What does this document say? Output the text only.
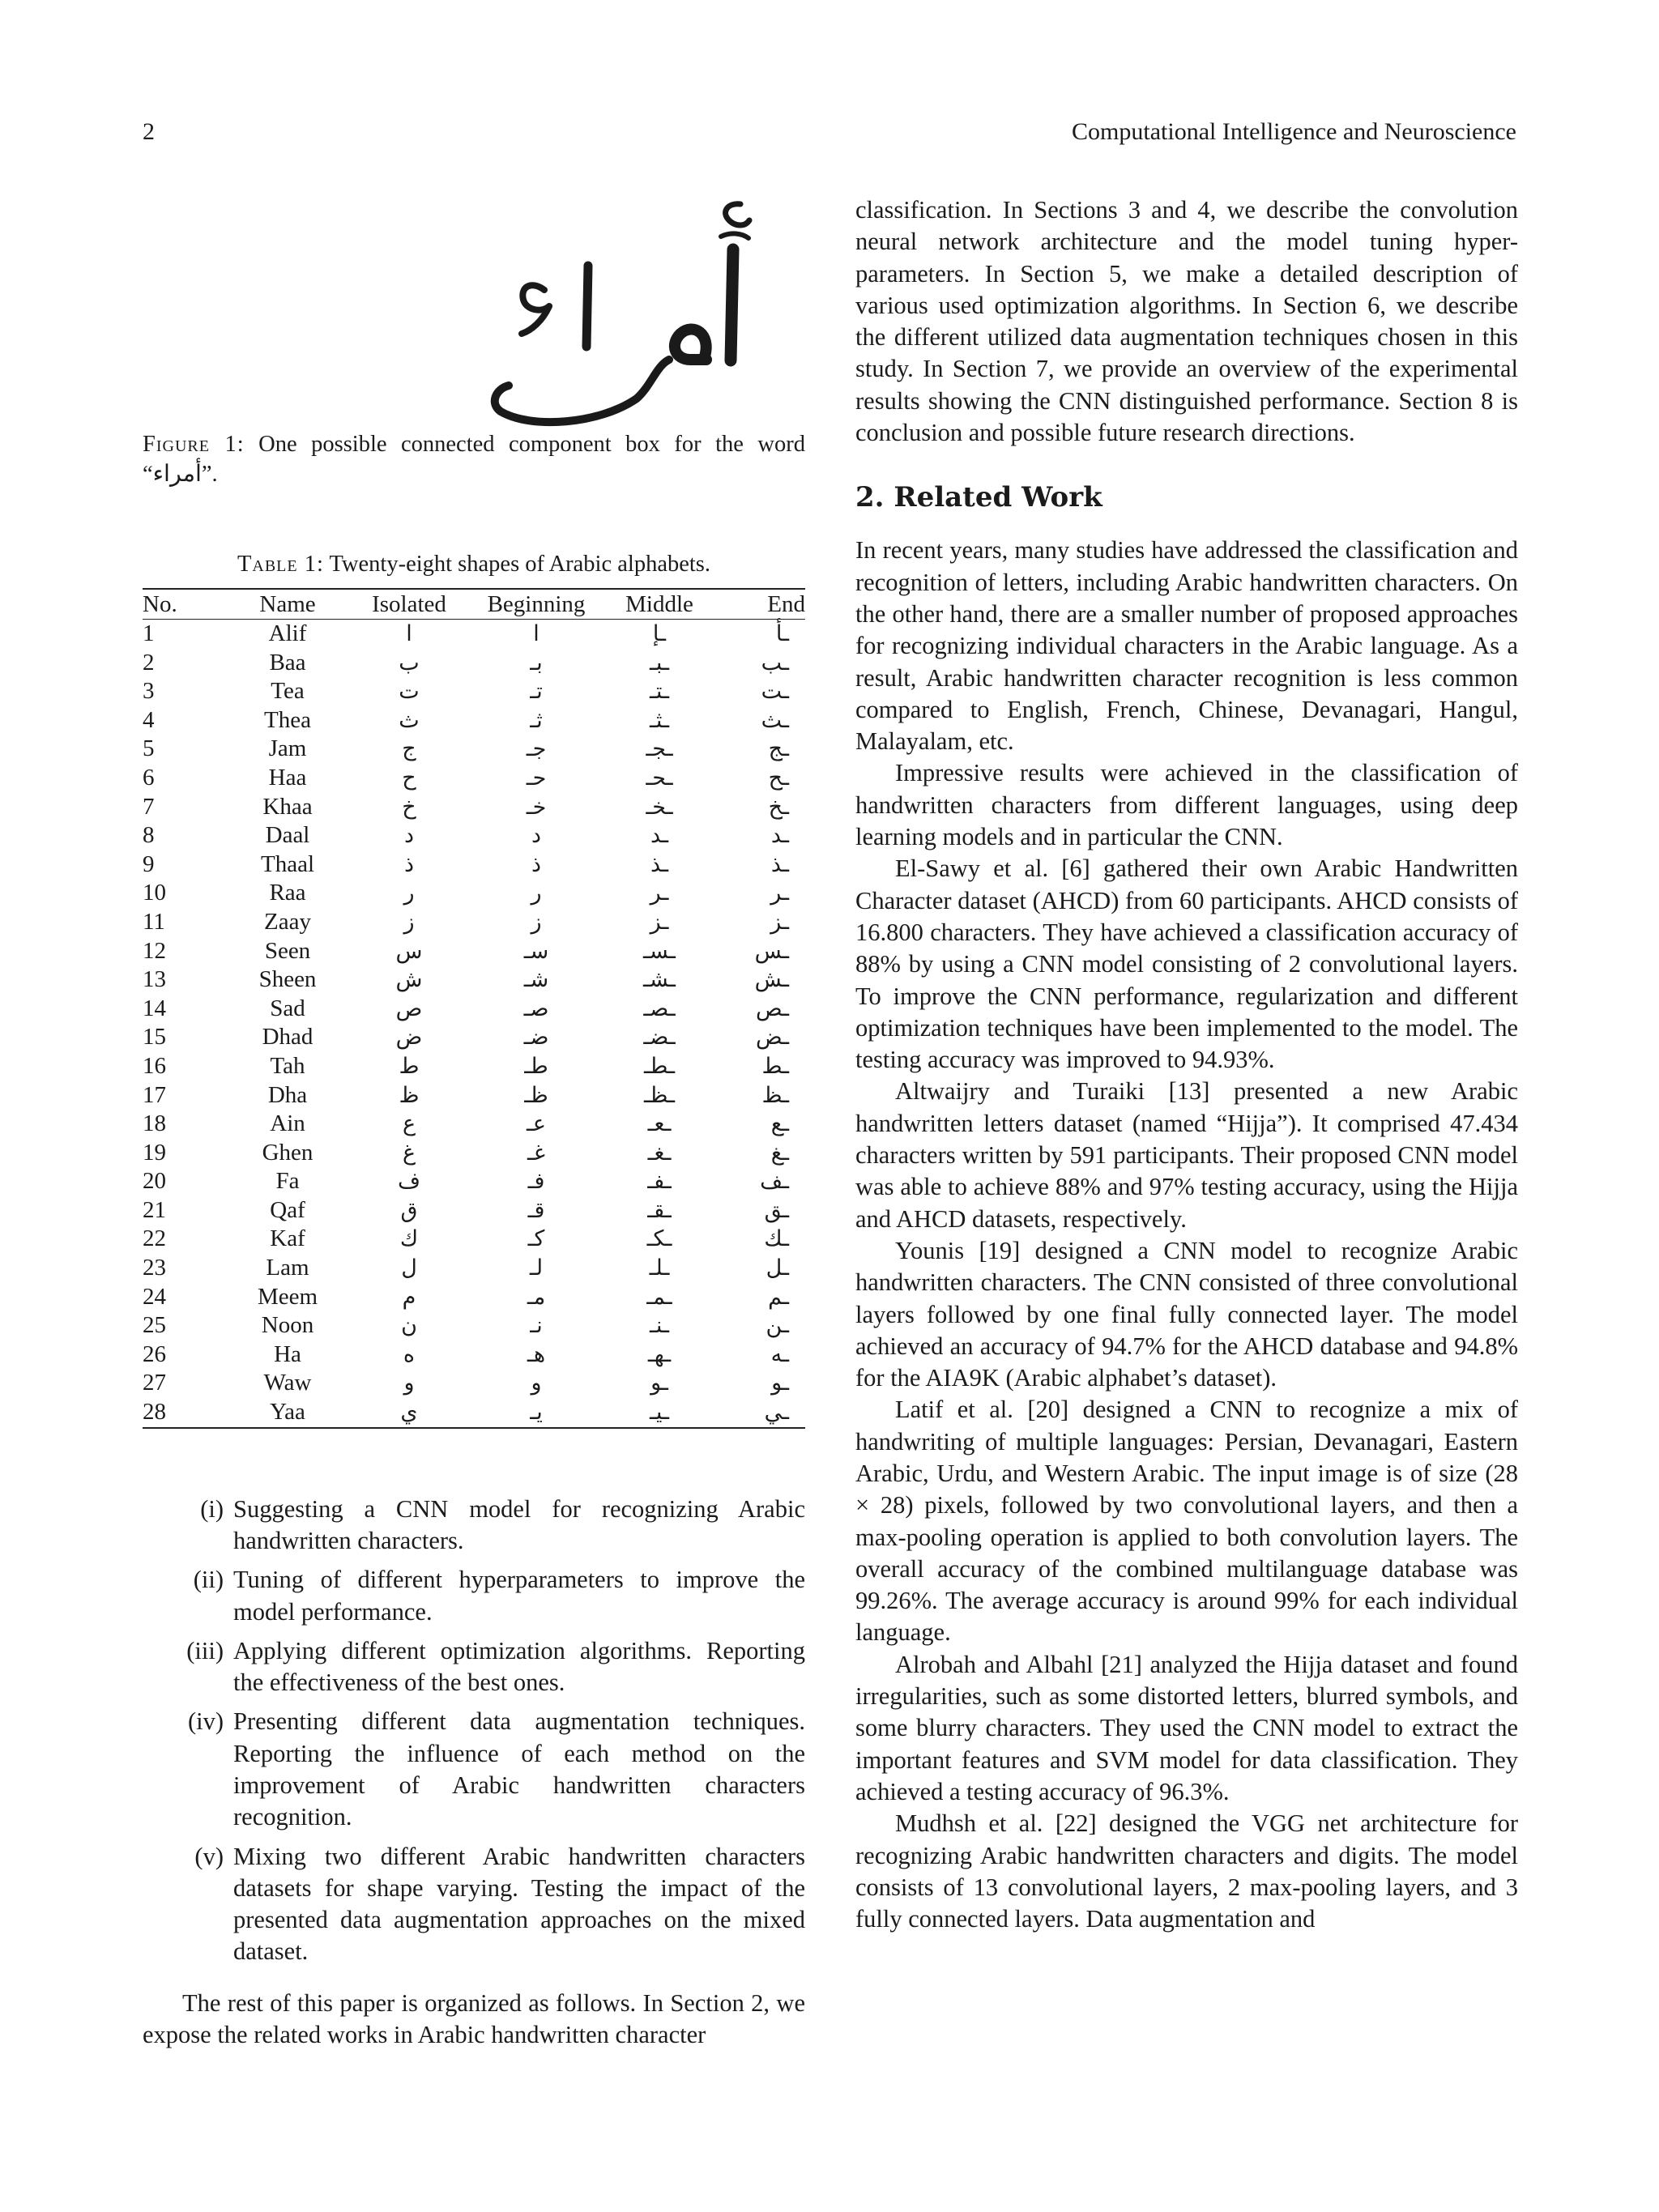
2	Computational Intelligence and Neuroscience
Figure 1: One possible connected component box for the word “أمراء”.
Table 1: Twenty-eight shapes of Arabic alphabets.
No.	Name	Isolated	Beginning	Middle	End
1	Alif	ا	ا	ـإ	ـأ
2	Baa	ب	بـ	ـبـ	ـب
3	Tea	ت	تـ	ـتـ	ـت
4	Thea	ث	ثـ	ـثـ	ـث
5	Jam	ج	جـ	ـجـ	ـج
6	Haa	ح	حـ	ـحـ	ـح
7	Khaa	خ	خـ	ـخـ	ـخ
8	Daal	د	د	ـد	ـد
9	Thaal	ذ	ذ	ـذ	ـذ
10	Raa	ر	ر	ـر	ـر
11	Zaay	ز	ز	ـز	ـز
12	Seen	س	سـ	ـسـ	ـس
13	Sheen	ش	شـ	ـشـ	ـش
14	Sad	ص	صـ	ـصـ	ـص
15	Dhad	ض	ضـ	ـضـ	ـض
16	Tah	ط	طـ	ـطـ	ـط
17	Dha	ظ	ظـ	ـظـ	ـظ
18	Ain	ع	عـ	ـعـ	ـع
19	Ghen	غ	غـ	ـغـ	ـغ
20	Fa	ف	فـ	ـفـ	ـف
21	Qaf	ق	قـ	ـقـ	ـق
22	Kaf	ك	كـ	ـكـ	ـك
23	Lam	ل	لـ	ـلـ	ـل
24	Meem	م	مـ	ـمـ	ـم
25	Noon	ن	نـ	ـنـ	ـن
26	Ha	ه	هـ	ـهـ	ـه
27	Waw	و	و	ـو	ـو
28	Yaa	ي	يـ	ـيـ	ـي
(i) Suggesting a CNN model for recognizing Arabic handwritten characters.
(ii) Tuning of different hyperparameters to improve the model performance.
(iii) Applying different optimization algorithms. Reporting the effectiveness of the best ones.
(iv) Presenting different data augmentation techniques. Reporting the influence of each method on the improvement of Arabic handwritten characters recognition.
(v) Mixing two different Arabic handwritten characters datasets for shape varying. Testing the impact of the presented data augmentation approaches on the mixed dataset.

The rest of this paper is organized as follows. In Section 2, we expose the related works in Arabic handwritten character

classification. In Sections 3 and 4, we describe the convolution neural network architecture and the model tuning hyper-parameters. In Section 5, we make a detailed description of various used optimization algorithms. In Section 6, we describe the different utilized data augmentation techniques chosen in this study. In Section 7, we provide an overview of the experimental results showing the CNN distinguished performance. Section 8 is conclusion and possible future research directions.

2. Related Work

In recent years, many studies have addressed the classification and recognition of letters, including Arabic handwritten characters. On the other hand, there are a smaller number of proposed approaches for recognizing individual characters in the Arabic language. As a result, Arabic handwritten character recognition is less common compared to English, French, Chinese, Devanagari, Hangul, Malayalam, etc.

Impressive results were achieved in the classification of handwritten characters from different languages, using deep learning models and in particular the CNN.

El-Sawy et al. [6] gathered their own Arabic Handwritten Character dataset (AHCD) from 60 participants. AHCD consists of 16.800 characters. They have achieved a classification accuracy of 88% by using a CNN model consisting of 2 convolutional layers. To improve the CNN performance, regularization and different optimization techniques have been implemented to the model. The testing accuracy was improved to 94.93%.

Altwaijry and Turaiki [13] presented a new Arabic handwritten letters dataset (named “Hijja”). It comprised 47.434 characters written by 591 participants. Their proposed CNN model was able to achieve 88% and 97% testing accuracy, using the Hijja and AHCD datasets, respectively.

Younis [19] designed a CNN model to recognize Arabic handwritten characters. The CNN consisted of three convolutional layers followed by one final fully connected layer. The model achieved an accuracy of 94.7% for the AHCD database and 94.8% for the AIA9K (Arabic alphabet’s dataset).

Latif et al. [20] designed a CNN to recognize a mix of handwriting of multiple languages: Persian, Devanagari, Eastern Arabic, Urdu, and Western Arabic. The input image is of size (28 × 28) pixels, followed by two convolutional layers, and then a max-pooling operation is applied to both convolution layers. The overall accuracy of the combined multilanguage database was 99.26%. The average accuracy is around 99% for each individual language.

Alrobah and Albahl [21] analyzed the Hijja dataset and found irregularities, such as some distorted letters, blurred symbols, and some blurry characters. They used the CNN model to extract the important features and SVM model for data classification. They achieved a testing accuracy of 96.3%.

Mudhsh et al. [22] designed the VGG net architecture for recognizing Arabic handwritten characters and digits. The model consists of 13 convolutional layers, 2 max-pooling layers, and 3 fully connected layers. Data augmentation and
